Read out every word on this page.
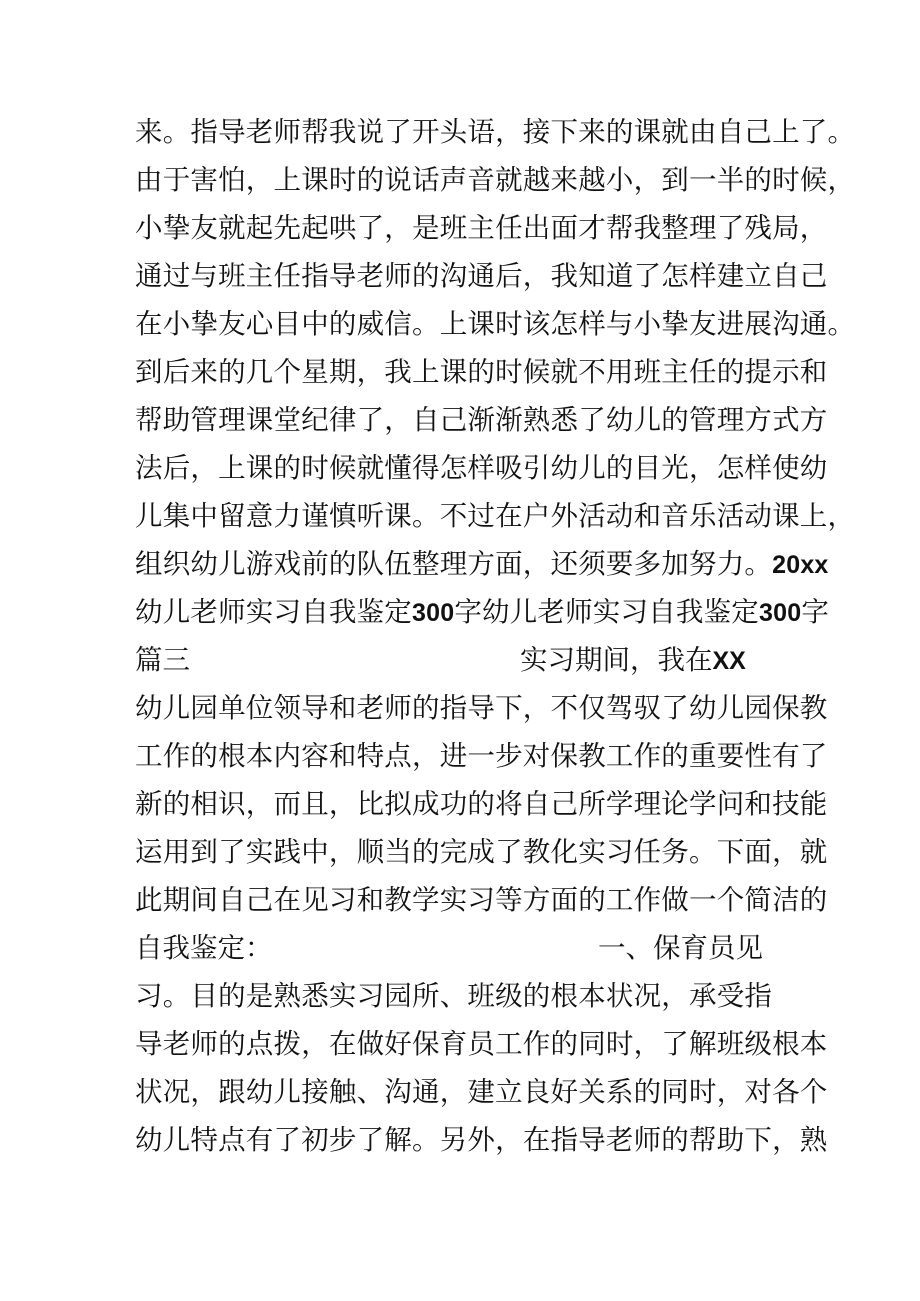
来。指导老师帮我说了开头语，接下来的课就由自己上了。
由于害怕，上课时的说话声音就越来越小，到一半的时候，
小挚友就起先起哄了，是班主任出面才帮我整理了残局，
通过与班主任指导老师的沟通后，我知道了怎样建立自己
在小挚友心目中的威信。上课时该怎样与小挚友进展沟通。
到后来的几个星期，我上课的时候就不用班主任的提示和
帮助管理课堂纪律了，自己渐渐熟悉了幼儿的管理方式方
法后，上课的时候就懂得怎样吸引幼儿的目光，怎样使幼
儿集中留意力谨慎听课。不过在户外活动和音乐活动课上，
组织幼儿游戏前的队伍整理方面，还须要多加努力。20xx
幼儿老师实习自我鉴定300字幼儿老师实习自我鉴定300字
篇三	实习期间，我在XX
幼儿园单位领导和老师的指导下，不仅驾驭了幼儿园保教
工作的根本内容和特点，进一步对保教工作的重要性有了
新的相识，而且，比拟成功的将自己所学理论学问和技能
运用到了实践中，顺当的完成了教化实习任务。下面，就
此期间自己在见习和教学实习等方面的工作做一个简洁的
自我鉴定：	一、保育员见
习。目的是熟悉实习园所、班级的根本状况，承受指
导老师的点拨，在做好保育员工作的同时，了解班级根本
状况，跟幼儿接触、沟通，建立良好关系的同时，对各个
幼儿特点有了初步了解。另外，在指导老师的帮助下，熟
